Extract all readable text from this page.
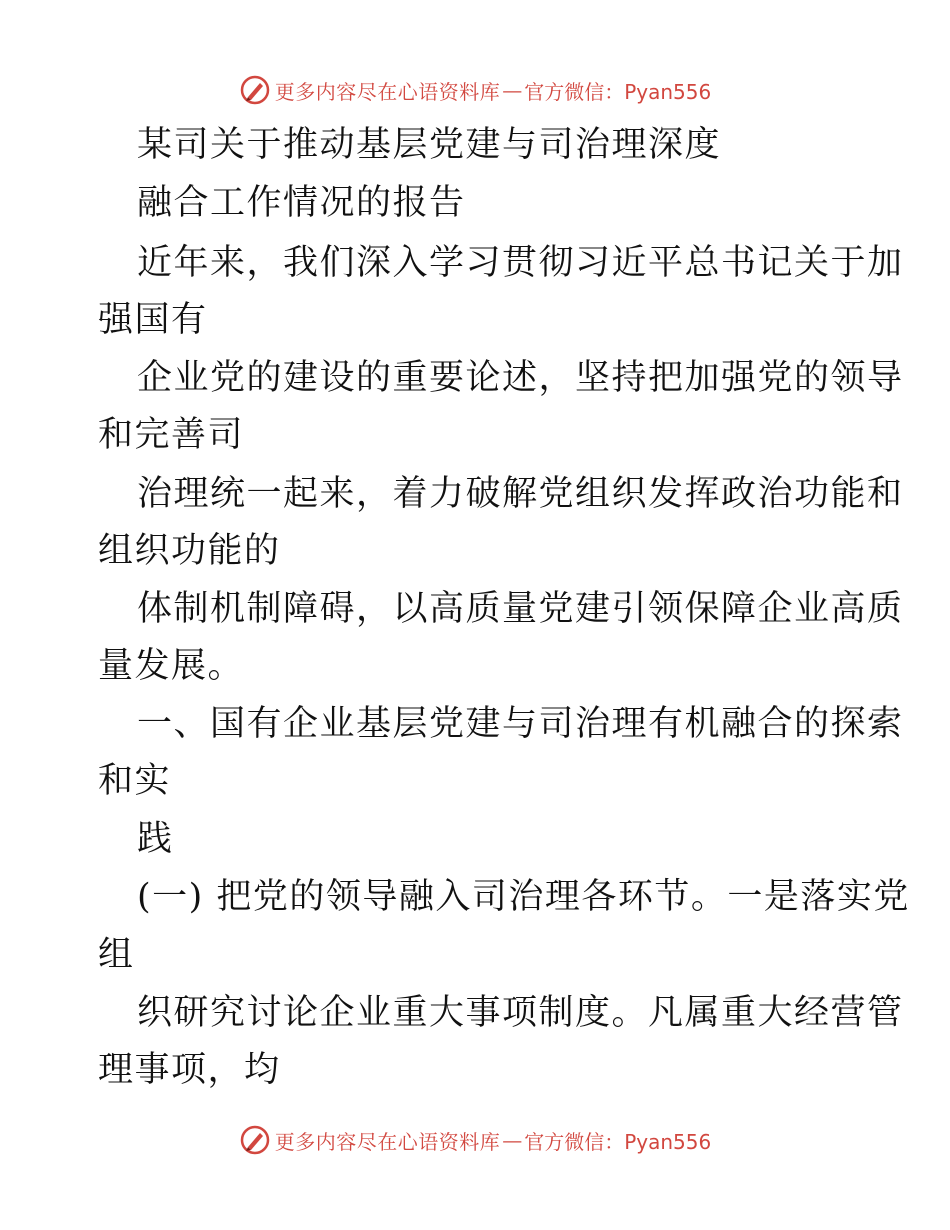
更多内容尽在心语资料库 — 官方微信：Pyan556
某司关于推动基层党建与司治理深度
融合工作情况的报告
近年来，我们深入学习贯彻习近平总书记关于加
强国有
企业党的建设的重要论述，坚持把加强党的领导
和完善司
治理统一起来，着力破解党组织发挥政治功能和
组织功能的
体制机制障碍，以高质量党建引领保障企业高质
量发展。
一、国有企业基层党建与司治理有机融合的探索
和实
践
(一) 把党的领导融入司治理各环节。一是落实党
组
织研究讨论企业重大事项制度。凡属重大经营管
理事项，均
更多内容尽在心语资料库 — 官方微信：Pyan556
